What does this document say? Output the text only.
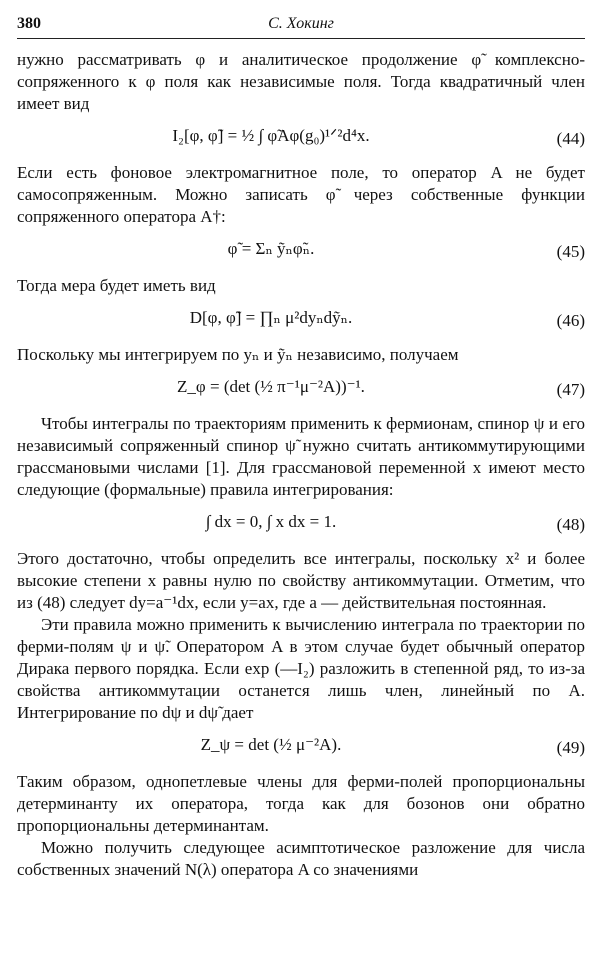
380	С. Хокинг

нужно рассматривать φ и аналитическое продолжение φ̃ комплексно-сопряженного к φ поля как независимые поля. Тогда квадратичный член имеет вид

I₂[φ, φ̃] = ½ ∫ φ̃Aφ(g₀)¹ᐟ²d⁴x.	(44)

Если есть фоновое электромагнитное поле, то оператор A не будет самосопряженным. Можно записать φ̃ через собственные функции сопряженного оператора A†:

φ̃ = Σₙ ỹₙφ̃ₙ.	(45)

Тогда мера будет иметь вид

D[φ, φ̃] = ∏ₙ μ²dyₙdỹₙ.	(46)

Поскольку мы интегрируем по yₙ и ỹₙ независимо, получаем

Z_φ = (det (½ π⁻¹μ⁻²A))⁻¹.	(47)

Чтобы интегралы по траекториям применить к фермионам, спинор ψ и его независимый сопряженный спинор ψ̃ нужно считать антикоммутирующими грассмановыми числами [1]. Для грассмановой переменной x имеют место следующие (формальные) правила интегрирования:

∫ dx = 0, ∫ x dx = 1.	(48)

Этого достаточно, чтобы определить все интегралы, поскольку x² и более высокие степени x равны нулю по свойству антикоммутации. Отметим, что из (48) следует dy=a⁻¹dx, если y=ax, где a — действительная постоянная.

Эти правила можно применить к вычислению интеграла по траектории по ферми-полям ψ и ψ̃. Оператором A в этом случае будет обычный оператор Дирака первого порядка. Если exp (—I₂) разложить в степенной ряд, то из-за свойства антикоммутации останется лишь член, линейный по A. Интегрирование по dψ и dψ̃ дает

Z_ψ = det (½ μ⁻²A).	(49)

Таким образом, однопетлевые члены для ферми-полей пропорциональны детерминанту их оператора, тогда как для бозонов они обратно пропорциональны детерминантам.

Можно получить следующее асимптотическое разложение для числа собственных значений N(λ) оператора A со значениями
